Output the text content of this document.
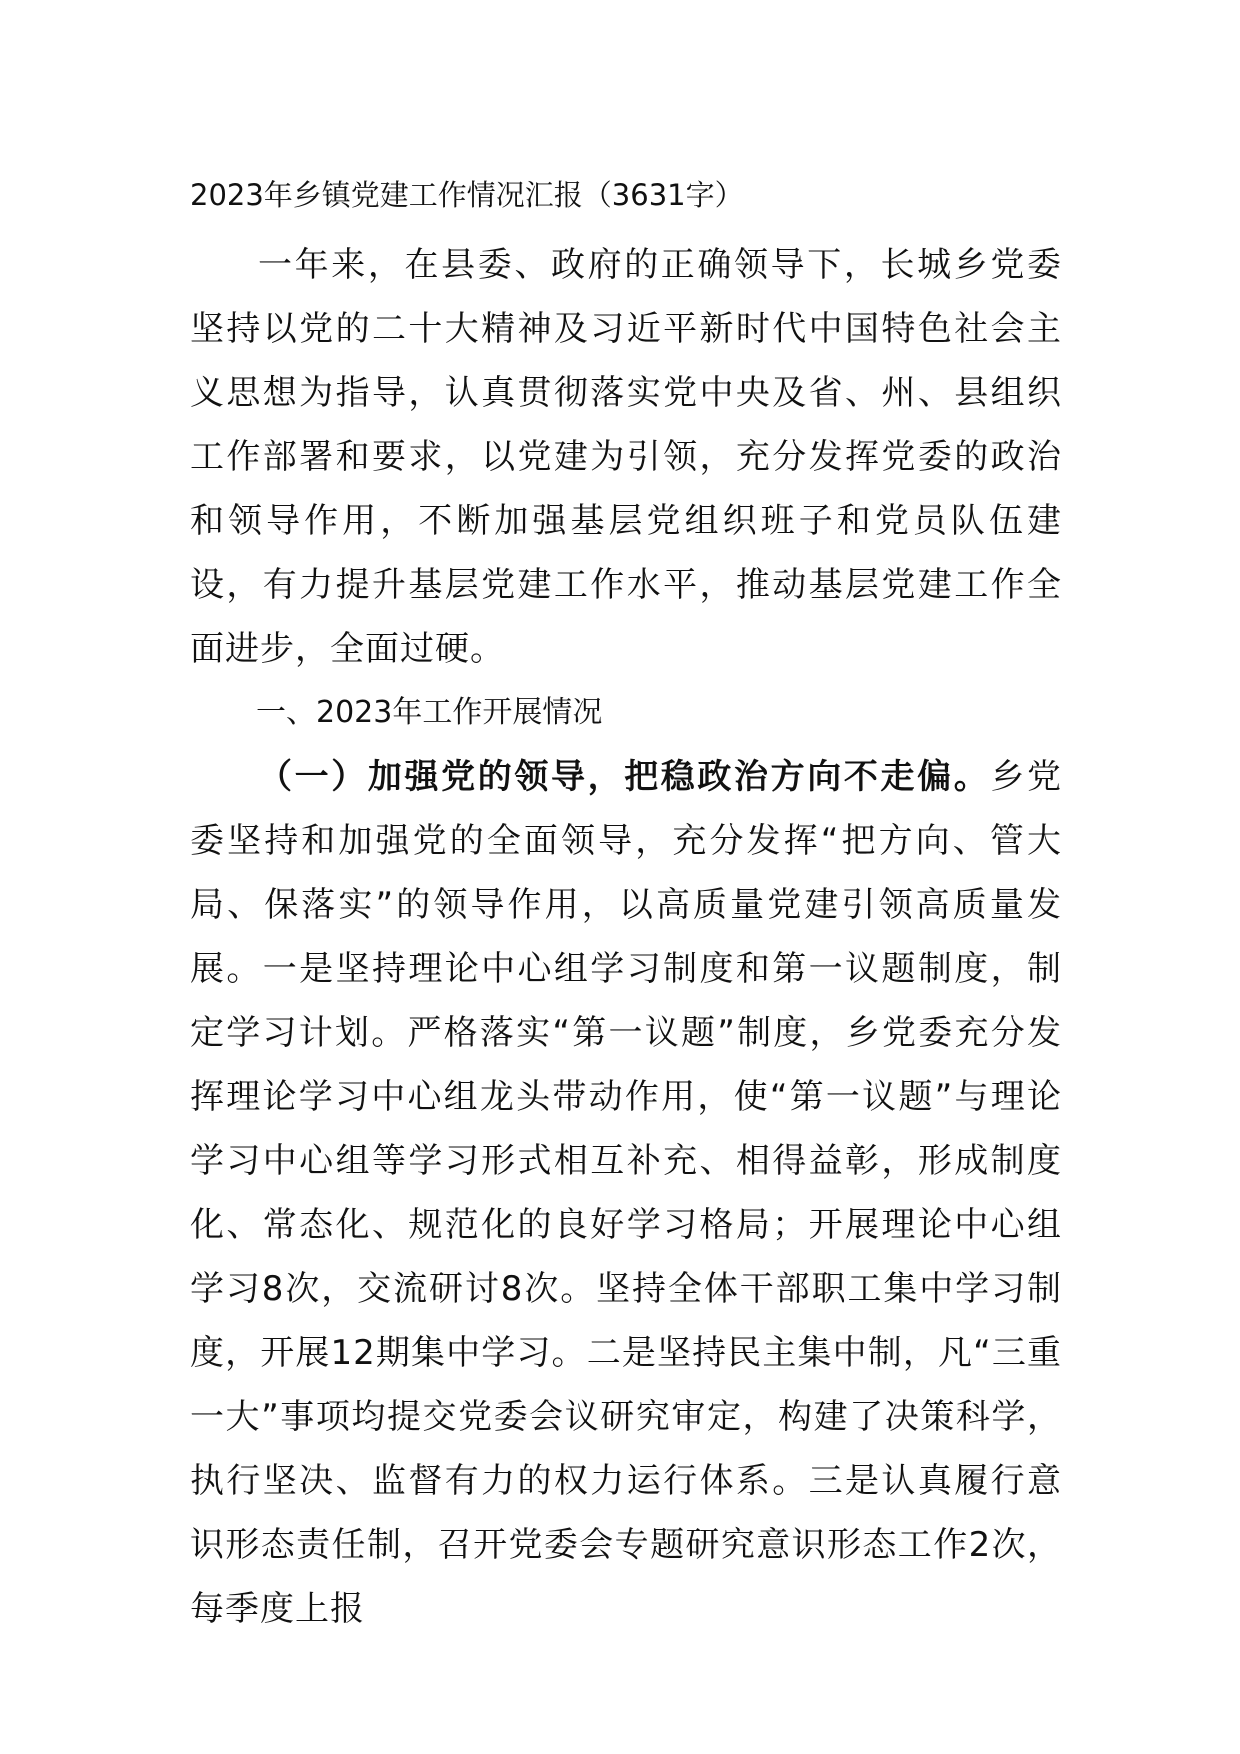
2023年乡镇党建工作情况汇报（3631字）

一年来，在县委、政府的正确领导下，长城乡党委坚持以党的二十大精神及习近平新时代中国特色社会主义思想为指导，认真贯彻落实党中央及省、州、县组织工作部署和要求，以党建为引领，充分发挥党委的政治和领导作用，不断加强基层党组织班子和党员队伍建设，有力提升基层党建工作水平，推动基层党建工作全面进步，全面过硬。

一、2023年工作开展情况

（一）加强党的领导，把稳政治方向不走偏。乡党委坚持和加强党的全面领导，充分发挥“把方向、管大局、保落实”的领导作用，以高质量党建引领高质量发展。一是坚持理论中心组学习制度和第一议题制度，制定学习计划。严格落实“第一议题”制度，乡党委充分发挥理论学习中心组龙头带动作用，使“第一议题”与理论学习中心组等学习形式相互补充、相得益彰，形成制度化、常态化、规范化的良好学习格局；开展理论中心组学习8次，交流研讨8次。坚持全体干部职工集中学习制度，开展12期集中学习。二是坚持民主集中制，凡“三重一大”事项均提交党委会议研究审定，构建了决策科学，执行坚决、监督有力的权力运行体系。三是认真履行意识形态责任制，召开党委会专题研究意识形态工作2次，每季度上报
